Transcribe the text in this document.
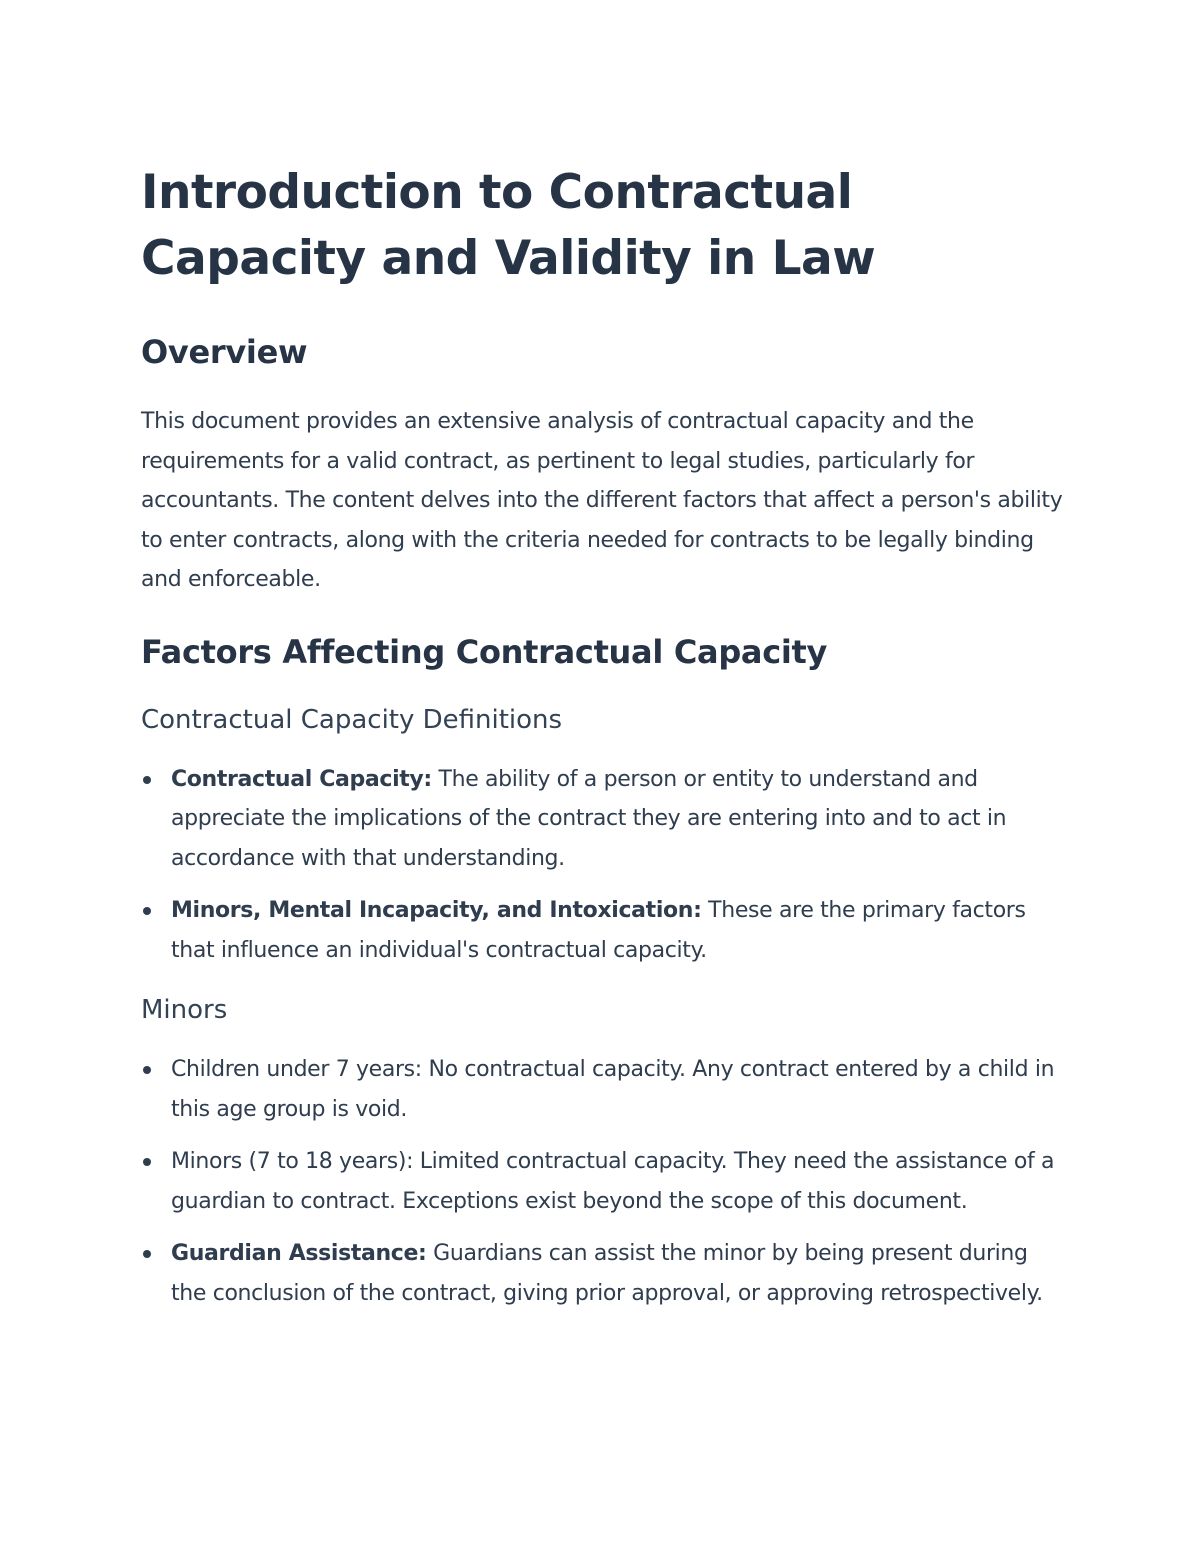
Introduction to Contractual Capacity and Validity in Law
Overview

This document provides an extensive analysis of contractual capacity and the requirements for a valid contract, as pertinent to legal studies, particularly for accountants. The content delves into the different factors that affect a person's ability to enter contracts, along with the criteria needed for contracts to be legally binding and enforceable.

Factors Affecting Contractual Capacity
Contractual Capacity Definitions
Contractual Capacity: The ability of a person or entity to understand and appreciate the implications of the contract they are entering into and to act in accordance with that understanding.
Minors, Mental Incapacity, and Intoxication: These are the primary factors that influence an individual's contractual capacity.
Minors
Children under 7 years: No contractual capacity. Any contract entered by a child in this age group is void.
Minors (7 to 18 years): Limited contractual capacity. They need the assistance of a guardian to contract. Exceptions exist beyond the scope of this document.
Guardian Assistance: Guardians can assist the minor by being present during the conclusion of the contract, giving prior approval, or approving retrospectively.
